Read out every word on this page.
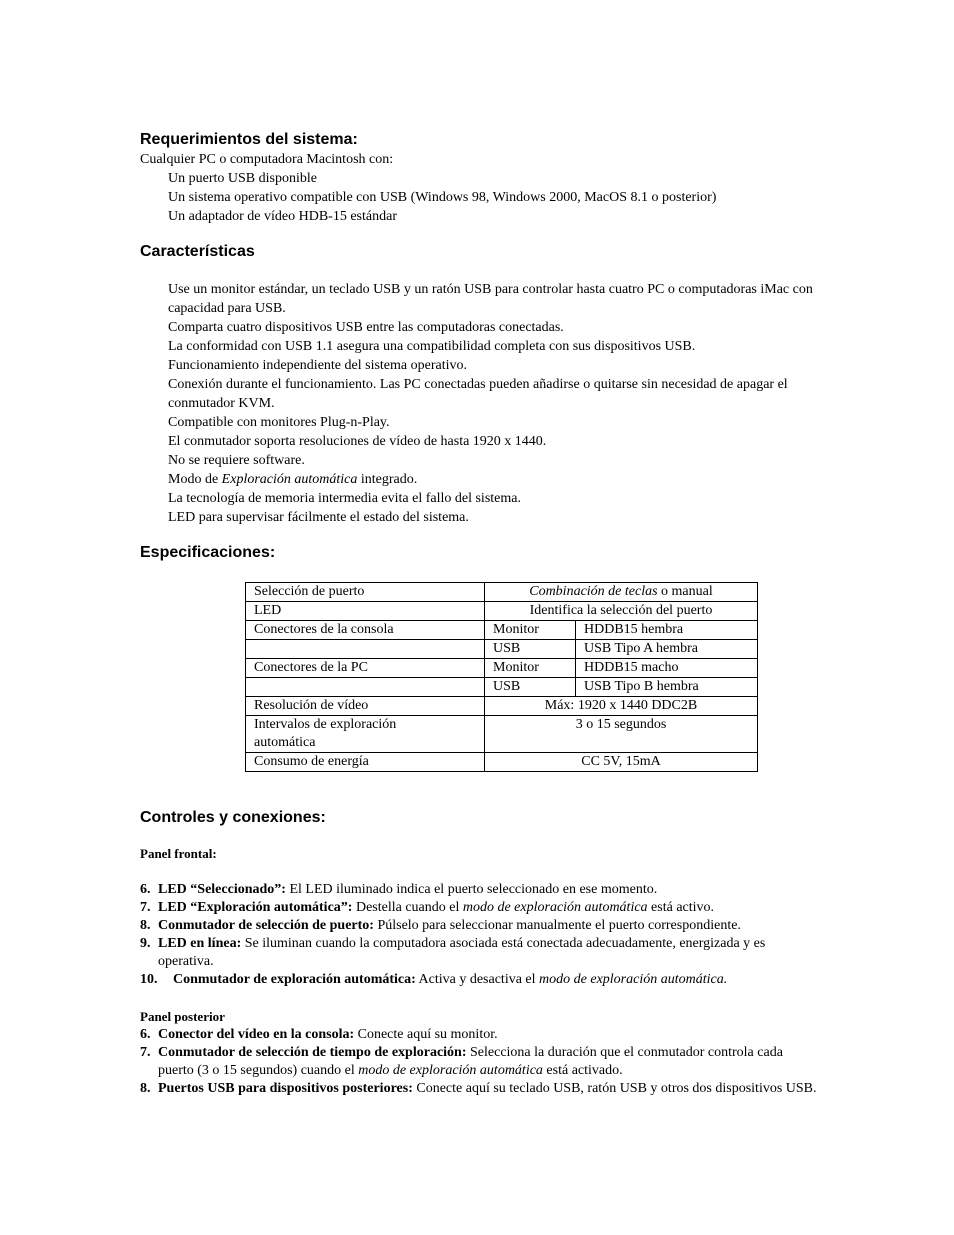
Requerimientos del sistema:

Cualquier PC o computadora Macintosh con:

Un puerto USB disponible

Un sistema operativo compatible con USB (Windows 98, Windows 2000, MacOS 8.1 o posterior)

Un adaptador de vídeo HDB-15 estándar

Características

Use un monitor estándar, un teclado USB y un ratón USB para controlar hasta cuatro PC o computadoras iMac con capacidad para USB.

Comparta cuatro dispositivos USB entre las computadoras conectadas.

La conformidad con USB 1.1 asegura una compatibilidad completa con sus dispositivos USB.

Funcionamiento independiente del sistema operativo.

Conexión durante el funcionamiento. Las PC conectadas pueden añadirse o quitarse sin necesidad de apagar el conmutador KVM.

Compatible con monitores Plug-n-Play.

El conmutador soporta resoluciones de vídeo de hasta 1920 x 1440.

No se requiere software.

Modo de Exploración automática integrado.

La tecnología de memoria intermedia evita el fallo del sistema.

LED para supervisar fácilmente el estado del sistema.

Especificaciones:
Selección de puerto	Combinación de teclas o manual	
LED	Identifica la selección del puerto	
Conectores de la consola	Monitor	HDDB15 hembra
	USB	USB Tipo A hembra
Conectores de la PC	Monitor	HDDB15 macho
	USB	USB Tipo B hembra
Resolución de vídeo	Máx: 1920 x 1440 DDC2B	
Intervalos de exploración automática	3 o 15 segundos	
Consumo de energía	CC 5V, 15mA	
Controles y conexiones:

Panel frontal:

6. LED “Seleccionado”: El LED iluminado indica el puerto seleccionado en ese momento.
7. LED “Exploración automática”: Destella cuando el modo de exploración automática está activo.
8. Conmutador de selección de puerto: Púlselo para seleccionar manualmente el puerto correspondiente.
9. LED en línea: Se iluminan cuando la computadora asociada está conectada adecuadamente, energizada y es operativa.
10. Conmutador de exploración automática: Activa y desactiva el modo de exploración automática.

Panel posterior

6. Conector del vídeo en la consola: Conecte aquí su monitor.
7. Conmutador de selección de tiempo de exploración: Selecciona la duración que el conmutador controla cada puerto (3 o 15 segundos) cuando el modo de exploración automática está activado.
8. Puertos USB para dispositivos posteriores: Conecte aquí su teclado USB, ratón USB y otros dos dispositivos USB.
